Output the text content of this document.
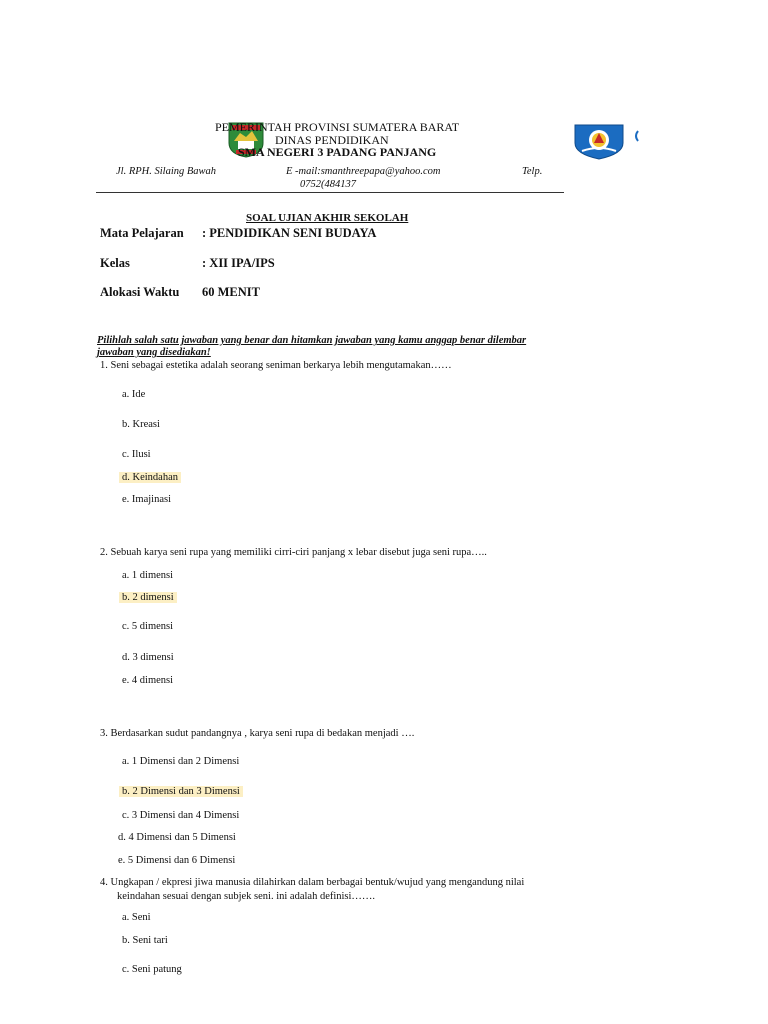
PEMERINTAH PROVINSI SUMATERA BARAT
DINAS PENDIDIKAN
SMA NEGERI 3 PADANG PANJANG
Jl. RPH. Silaing Bawah	E -mail:smanthreepapa@yahoo.com	Telp.
0752(484137
SOAL UJIAN AKHIR SEKOLAH
Mata Pelajaran : PENDIDIKAN SENI BUDAYA
Kelas	: XII IPA/IPS
Alokasi Waktu 60 MENIT
Pilihlah salah satu jawaban yang benar dan hitamkan jawaban yang kamu anggap benar dilembar
jawaban yang disediakan!
1. Seni sebagai estetika adalah seorang seniman berkarya lebih mengutamakan……
a. Ide
b. Kreasi
c. Ilusi
d. Keindahan
e. Imajinasi
2. Sebuah karya seni rupa yang memiliki cirri-ciri panjang x lebar disebut juga seni rupa…..
a. 1 dimensi
b. 2 dimensi
c. 5 dimensi
d. 3 dimensi
e. 4 dimensi
3. Berdasarkan sudut pandangnya , karya seni rupa di bedakan menjadi ….
a. 1 Dimensi dan 2 Dimensi
b. 2 Dimensi dan 3 Dimensi
c. 3 Dimensi dan 4 Dimensi
d. 4 Dimensi dan 5 Dimensi
e. 5 Dimensi dan 6 Dimensi
4. Ungkapan / ekpresi jiwa manusia dilahirkan dalam berbagai bentuk/wujud yang mengandung nilai
keindahan sesuai dengan subjek seni. ini adalah definisi…….
a. Seni
b. Seni tari
c. Seni patung
